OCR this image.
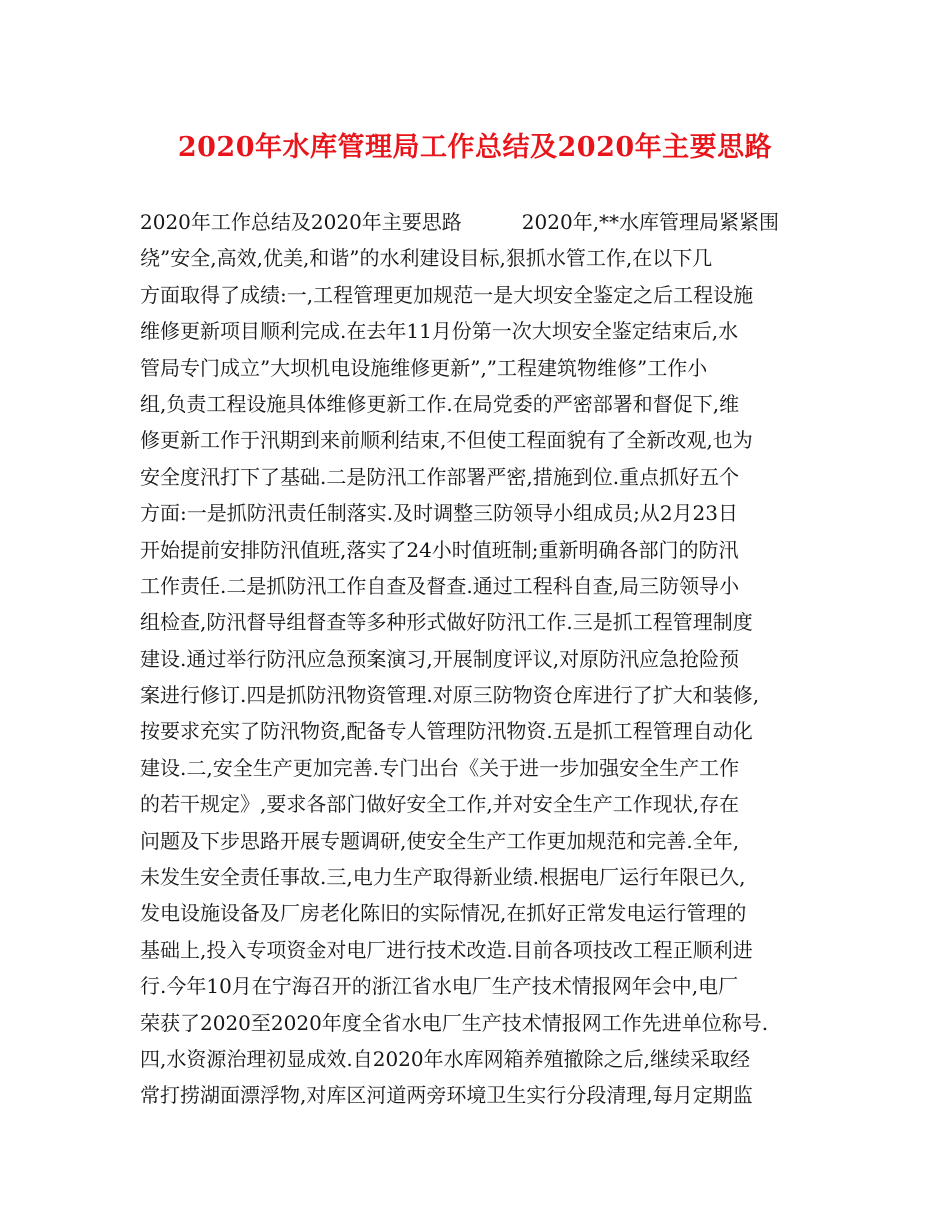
2020年水库管理局工作总结及2020年主要思路
2020年工作总结及2020年主要思路　　　2020年,**水库管理局紧紧围
绕”安全,高效,优美,和谐”的水利建设目标,狠抓水管工作,在以下几
方面取得了成绩:一,工程管理更加规范一是大坝安全鉴定之后工程设施
维修更新项目顺利完成.在去年11月份第一次大坝安全鉴定结束后,水
管局专门成立”大坝机电设施维修更新”,”工程建筑物维修”工作小
组,负责工程设施具体维修更新工作.在局党委的严密部署和督促下,维
修更新工作于汛期到来前顺利结束,不但使工程面貌有了全新改观,也为
安全度汛打下了基础.二是防汛工作部署严密,措施到位.重点抓好五个
方面:一是抓防汛责任制落实.及时调整三防领导小组成员;从2月23日
开始提前安排防汛值班,落实了24小时值班制;重新明确各部门的防汛
工作责任.二是抓防汛工作自查及督查.通过工程科自查,局三防领导小
组检查,防汛督导组督查等多种形式做好防汛工作.三是抓工程管理制度
建设.通过举行防汛应急预案演习,开展制度评议,对原防汛应急抢险预
案进行修订.四是抓防汛物资管理.对原三防物资仓库进行了扩大和装修,
按要求充实了防汛物资,配备专人管理防汛物资.五是抓工程管理自动化
建设.二,安全生产更加完善.专门出台《关于进一步加强安全生产工作
的若干规定》,要求各部门做好安全工作,并对安全生产工作现状,存在
问题及下步思路开展专题调研,使安全生产工作更加规范和完善.全年,
未发生安全责任事故.三,电力生产取得新业绩.根据电厂运行年限已久,
发电设施设备及厂房老化陈旧的实际情况,在抓好正常发电运行管理的
基础上,投入专项资金对电厂进行技术改造.目前各项技改工程正顺利进
行.今年10月在宁海召开的浙江省水电厂生产技术情报网年会中,电厂
荣获了2020至2020年度全省水电厂生产技术情报网工作先进单位称号.
四,水资源治理初显成效.自2020年水库网箱养殖撤除之后,继续采取经
常打捞湖面漂浮物,对库区河道两旁环境卫生实行分段清理,每月定期监
